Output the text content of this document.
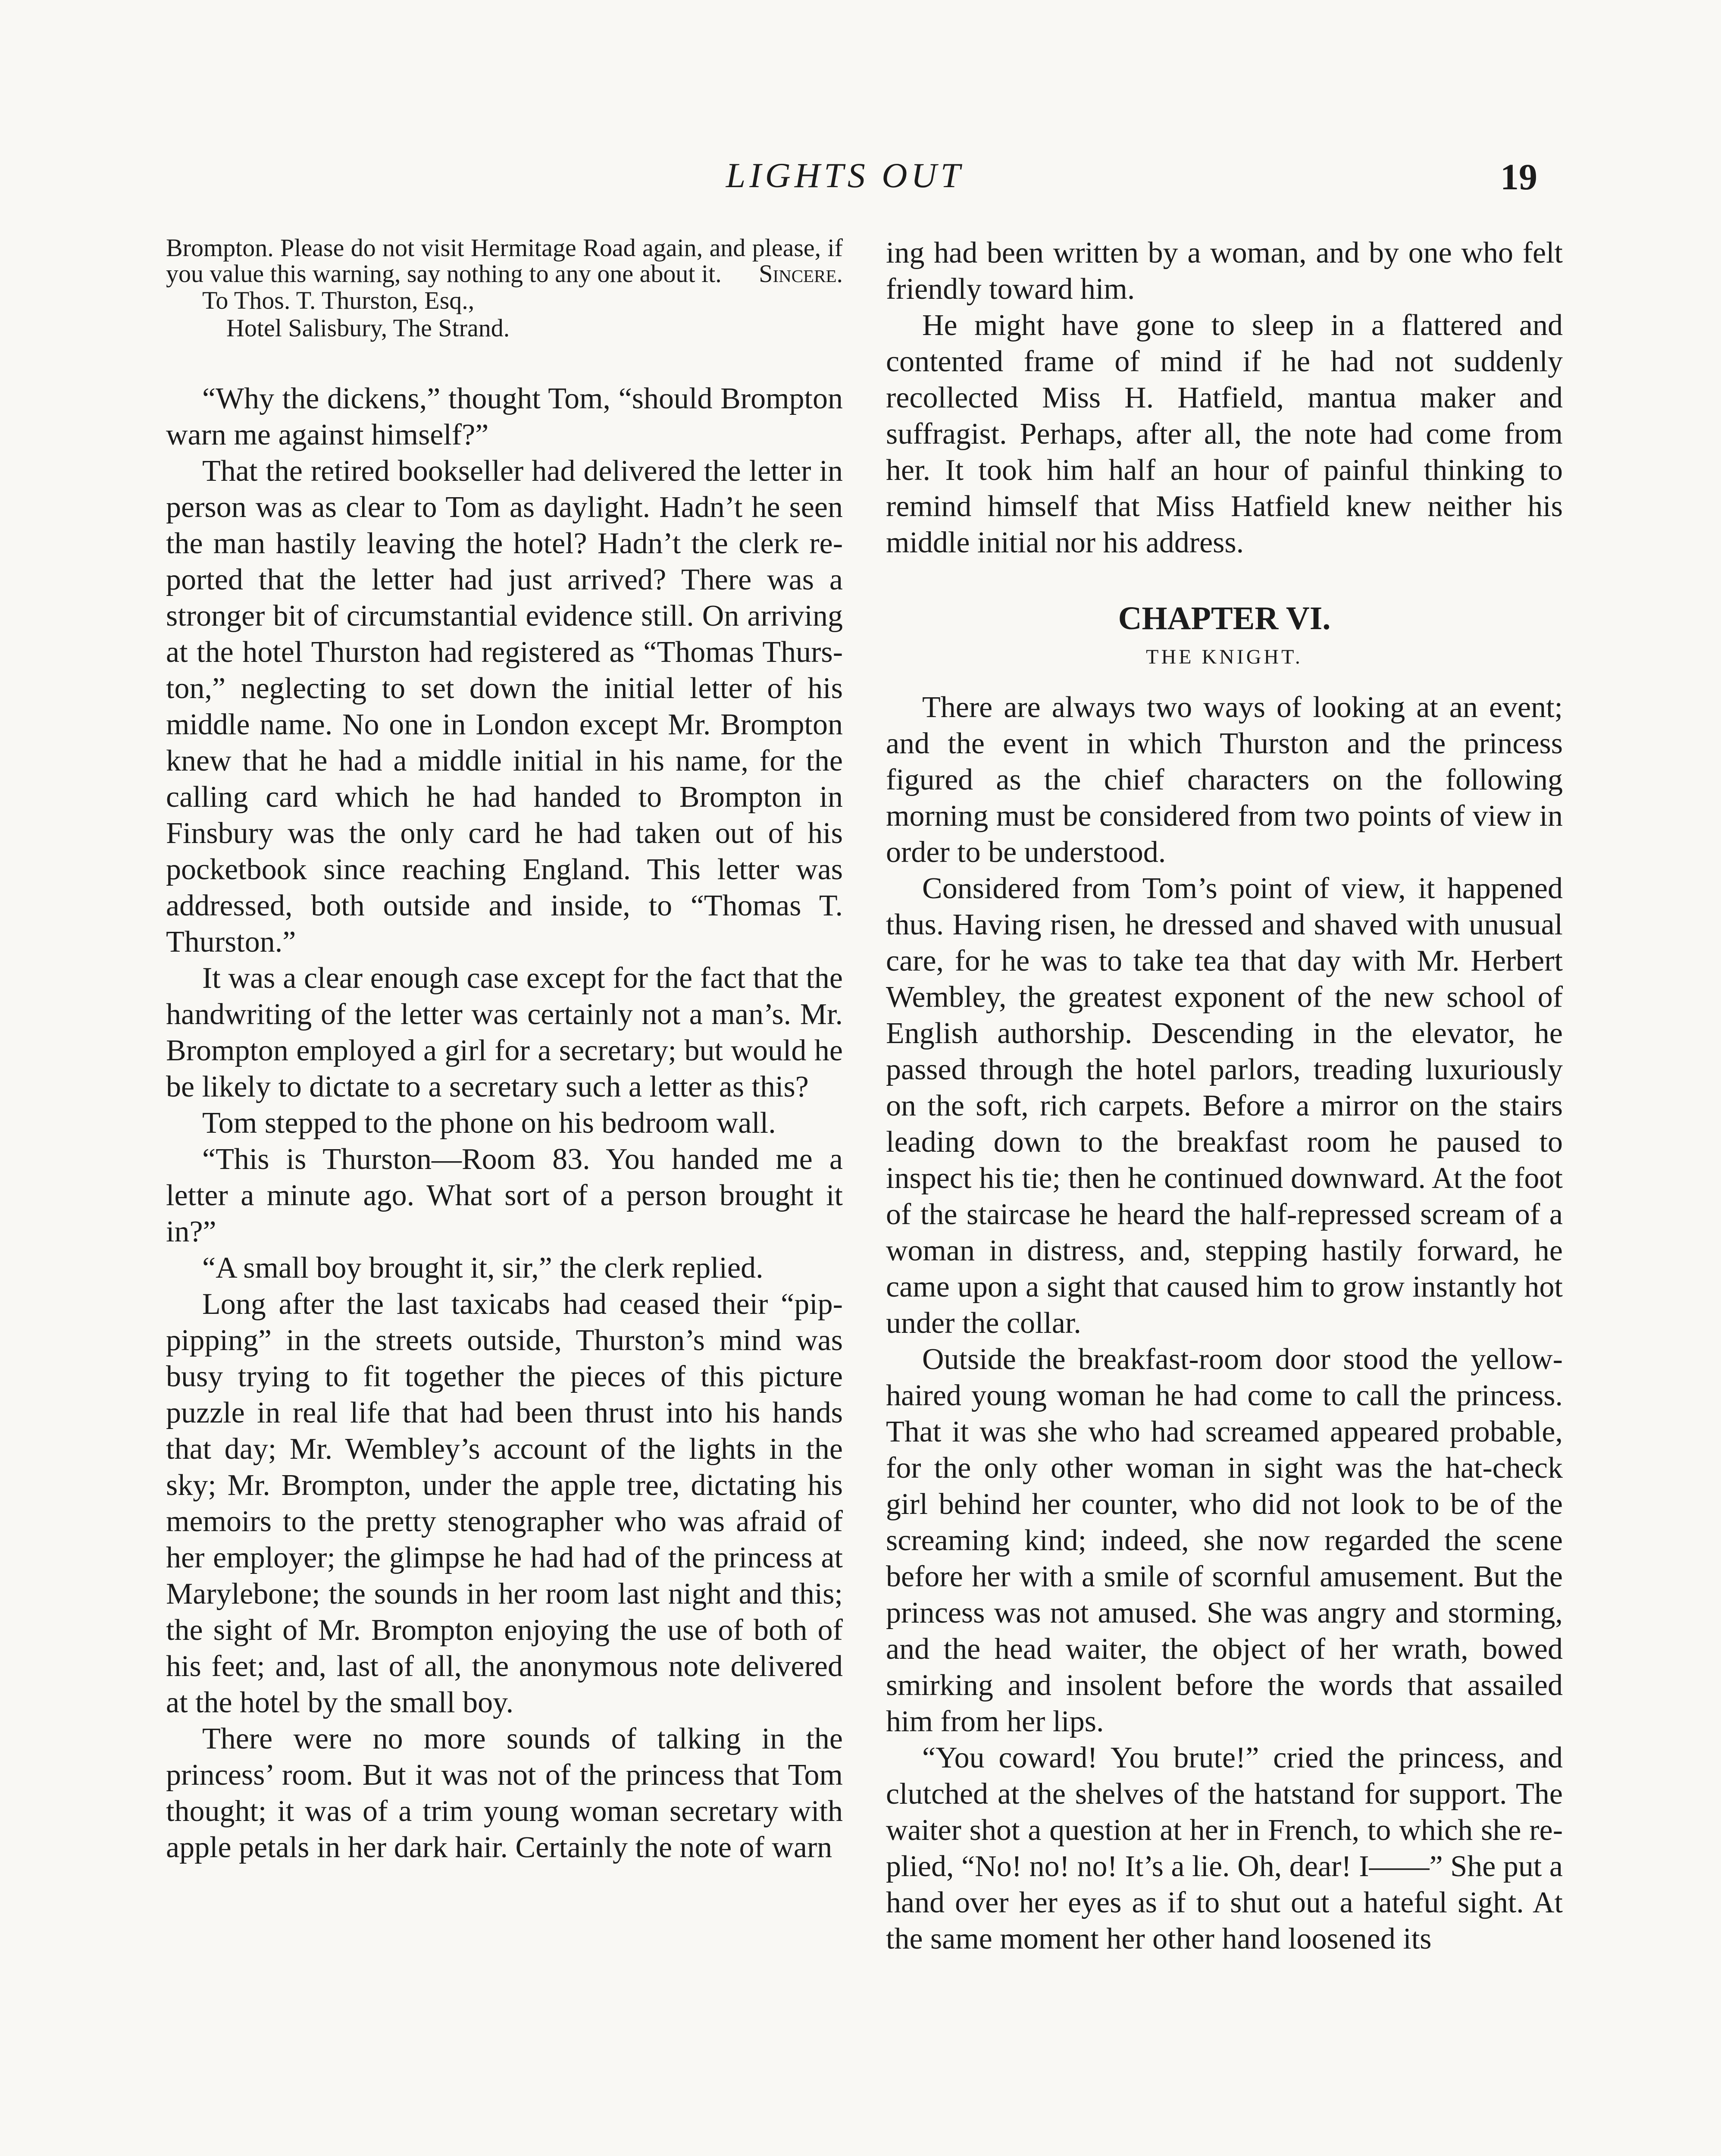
LIGHTS OUT	19

Brompton. Please do not visit Hermitage Road again, and please, if you value this warning, say nothing to any one about it. Sincere.

To Thos. T. Thurston, Esq.,

Hotel Salisbury, The Strand.

“Why the dickens,” thought Tom, “should Brompton warn me against himself?”

That the retired bookseller had delivered the letter in person was as clear to Tom as daylight. Hadn’t he seen the man hastily leaving the hotel? Hadn’t the clerk reported that the letter had just arrived? There was a stronger bit of circumstantial evidence still. On arriving at the hotel Thurston had registered as “Thomas Thurston,” neglecting to set down the initial letter of his middle name. No one in London except Mr. Brompton knew that he had a middle initial in his name, for the calling card which he had handed to Brompton in Finsbury was the only card he had taken out of his pocketbook since reaching England. This letter was addressed, both outside and inside, to “Thomas T. Thurston.”

It was a clear enough case except for the fact that the handwriting of the letter was certainly not a man’s. Mr. Brompton employed a girl for a secretary; but would he be likely to dictate to a secretary such a letter as this?

Tom stepped to the phone on his bedroom wall.

“This is Thurston—Room 83. You handed me a letter a minute ago. What sort of a person brought it in?”

“A small boy brought it, sir,” the clerk replied.

Long after the last taxicabs had ceased their “pip-pipping” in the streets outside, Thurston’s mind was busy trying to fit together the pieces of this picture puzzle in real life that had been thrust into his hands that day; Mr. Wembley’s account of the lights in the sky; Mr. Brompton, under the apple tree, dictating his memoirs to the pretty stenographer who was afraid of her employer; the glimpse he had had of the princess at Marylebone; the sounds in her room last night and this; the sight of Mr. Brompton enjoying the use of both of his feet; and, last of all, the anonymous note delivered at the hotel by the small boy.

There were no more sounds of talking in the princess’ room. But it was not of the princess that Tom thought; it was of a trim young woman secretary with apple petals in her dark hair. Certainly the note of warn

ing had been written by a woman, and by one who felt friendly toward him.

He might have gone to sleep in a flattered and contented frame of mind if he had not suddenly recollected Miss H. Hatfield, mantua maker and suffragist. Perhaps, after all, the note had come from her. It took him half an hour of painful thinking to remind himself that Miss Hatfield knew neither his middle initial nor his address.

CHAPTER VI.
THE KNIGHT.

There are always two ways of looking at an event; and the event in which Thurston and the princess figured as the chief characters on the following morning must be considered from two points of view in order to be understood.

Considered from Tom’s point of view, it happened thus. Having risen, he dressed and shaved with unusual care, for he was to take tea that day with Mr. Herbert Wembley, the greatest exponent of the new school of English authorship. Descending in the elevator, he passed through the hotel parlors, treading luxuriously on the soft, rich carpets. Before a mirror on the stairs leading down to the breakfast room he paused to inspect his tie; then he continued downward. At the foot of the staircase he heard the half-repressed scream of a woman in distress, and, stepping hastily forward, he came upon a sight that caused him to grow instantly hot under the collar.

Outside the breakfast-room door stood the yellow-haired young woman he had come to call the princess. That it was she who had screamed appeared probable, for the only other woman in sight was the hat-check girl behind her counter, who did not look to be of the screaming kind; indeed, she now regarded the scene before her with a smile of scornful amusement. But the princess was not amused. She was angry and storming, and the head waiter, the object of her wrath, bowed smirking and insolent before the words that assailed him from her lips.

“You coward! You brute!” cried the princess, and clutched at the shelves of the hatstand for support. The waiter shot a question at her in French, to which she replied, “No! no! no! It’s a lie. Oh, dear! I——” She put a hand over her eyes as if to shut out a hateful sight. At the same moment her other hand loosened its
